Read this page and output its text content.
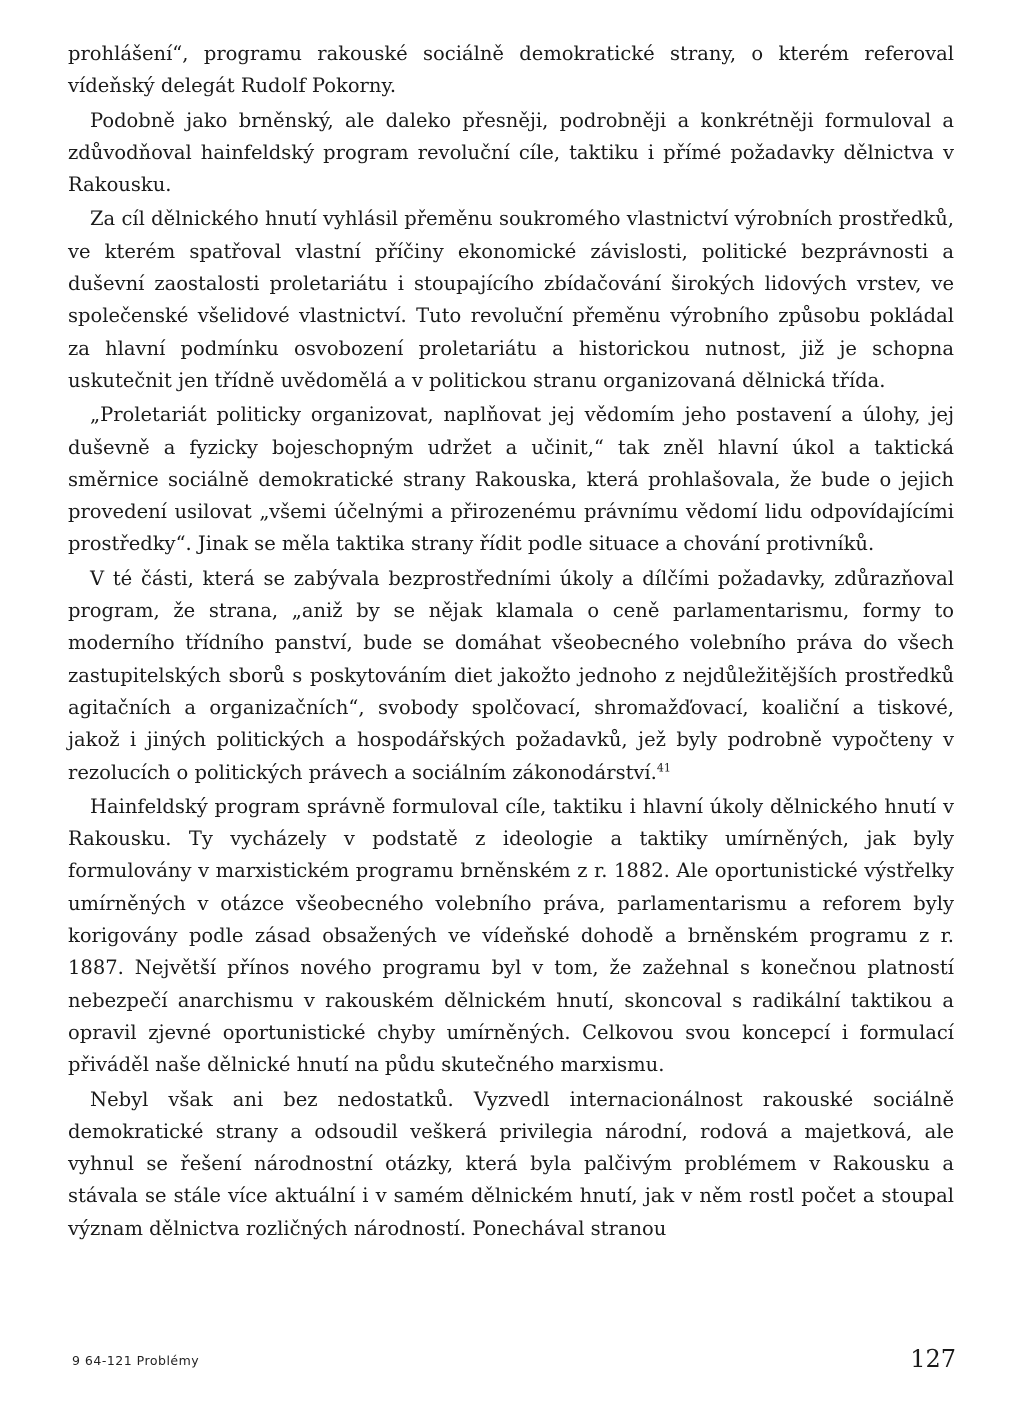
prohlášení“, programu rakouské sociálně demokratické strany, o kterém referoval vídeňský delegát Rudolf Pokorny.

Podobně jako brněnský, ale daleko přesněji, podrobněji a konkrétněji formuloval a zdůvodňoval hainfeldský program revoluční cíle, taktiku i přímé požadavky dělnictva v Rakousku.

Za cíl dělnického hnutí vyhlásil přeměnu soukromého vlastnictví výrobních prostředků, ve kterém spatřoval vlastní příčiny ekonomické závislosti, politické bezprávnosti a duševní zaostalosti proletariátu i stoupajícího zbídačování širokých lidových vrstev, ve společenské všelidové vlastnictví. Tuto revoluční přeměnu výrobního způsobu pokládal za hlavní podmínku osvobození proletariátu a historickou nutnost, již je schopna uskutečnit jen třídně uvědomělá a v politickou stranu organizovaná dělnická třída.

„Proletariát politicky organizovat, naplňovat jej vědomím jeho postavení a úlohy, jej duševně a fyzicky bojeschopným udržet a učinit,“ tak zněl hlavní úkol a taktická směrnice sociálně demokratické strany Rakouska, která prohlašovala, že bude o jejich provedení usilovat „všemi účelnými a přirozenému právnímu vědomí lidu odpovídajícími prostředky“. Jinak se měla taktika strany řídit podle situace a chování protivníků.

V té části, která se zabývala bezprostředními úkoly a dílčími požadavky, zdůrazňoval program, že strana, „aniž by se nějak klamala o ceně parlamentarismu, formy to moderního třídního panství, bude se domáhat všeobecného volebního práva do všech zastupitelských sborů s poskytováním diet jakožto jednoho z nejdůležitějších prostředků agitačních a organizačních“, svobody spolčovací, shromažďovací, koaliční a tiskové, jakož i jiných politických a hospodářských požadavků, jež byly podrobně vypočteny v rezolucích o politických právech a sociálním zákonodárství.$^{41}$

Hainfeldský program správně formuloval cíle, taktiku i hlavní úkoly dělnického hnutí v Rakousku. Ty vycházely v podstatě z ideologie a taktiky umírněných, jak byly formulovány v marxistickém programu brněnském z r. 1882. Ale oportunistické výstřelky umírněných v otázce všeobecného volebního práva, parlamentarismu a reforem byly korigovány podle zásad obsažených ve vídeňské dohodě a brněnském programu z r. 1887. Největší přínos nového programu byl v tom, že zažehnal s konečnou platností nebezpečí anarchismu v rakouském dělnickém hnutí, skoncoval s radikální taktikou a opravil zjevné oportunistické chyby umírněných. Celkovou svou koncepcí i formulací přiváděl naše dělnické hnutí na půdu skutečného marxismu.

Nebyl však ani bez nedostatků. Vyzvedl internacionálnost rakouské sociálně demokratické strany a odsoudil veškerá privilegia národní, rodová a majetková, ale vyhnul se řešení národnostní otázky, která byla palčivým problémem v Rakousku a stávala se stále více aktuální i v samém dělnickém hnutí, jak v něm rostl počet a stoupal význam dělnictva rozličných národností. Ponechával stranou

9 64-121 Problémy	127
